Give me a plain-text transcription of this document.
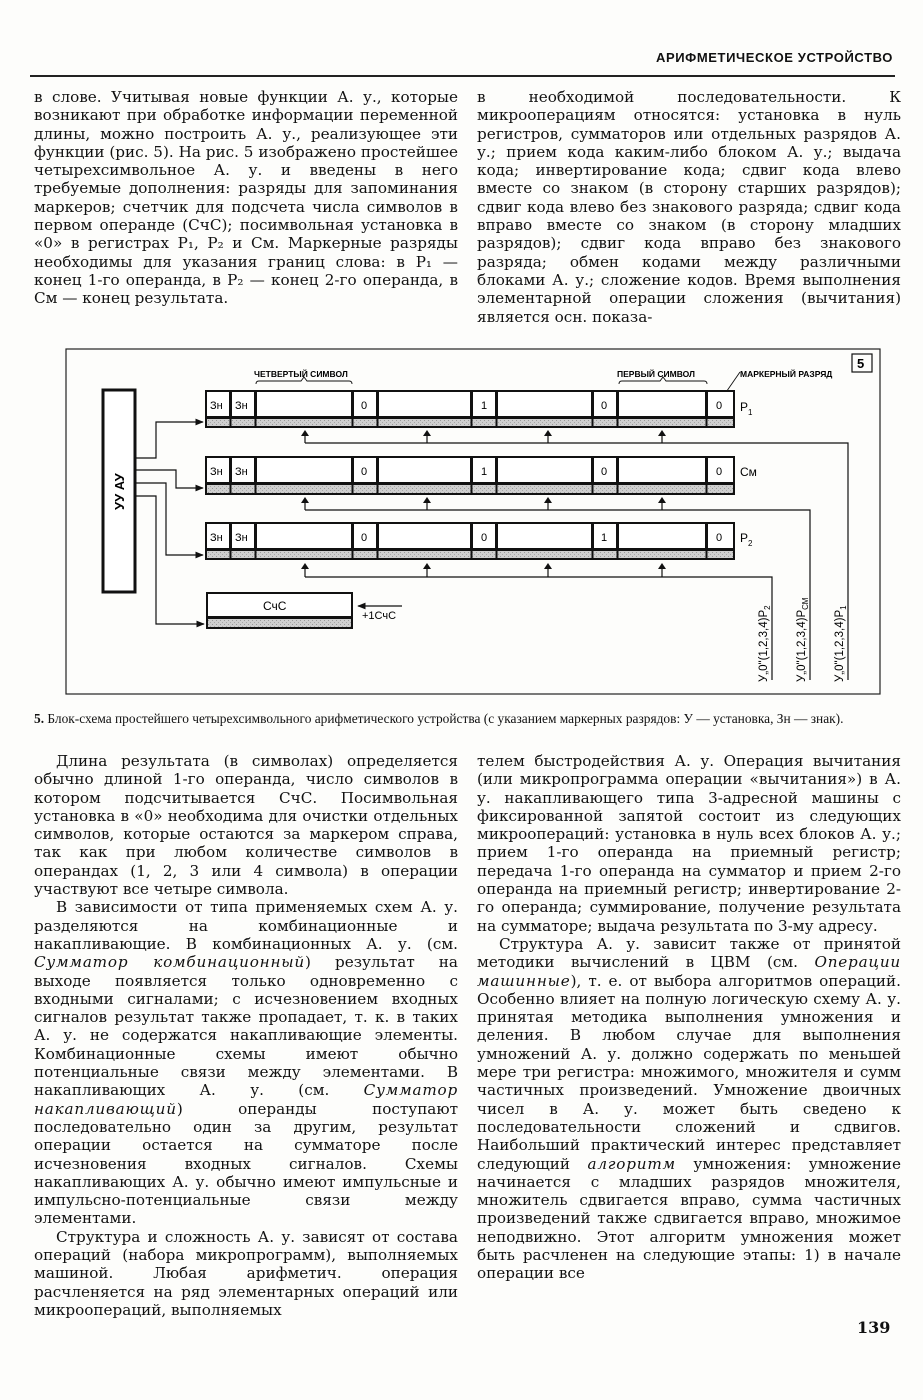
АРИФМЕТИЧЕСКОЕ УСТРОЙСТВО

в слове. Учитывая новые функции А. у., которые возникают при обработке информации переменной длины, можно построить А. у., реализующее эти функции (рис. 5). На рис. 5 изображено простейшее четырехсимвольное А. у. и введены в него требуемые дополнения: разряды для запоминания маркеров; счетчик для подсчета числа символов в первом операнде (СчС); посимвольная установка в «0» в регистрах Р₁, Р₂ и См. Маркерные разряды необходимы для указания границ слова: в Р₁ — конец 1-го операнда, в Р₂ — конец 2-го операнда, в См — конец результата.

в необходимой последовательности. К микрооперациям относятся: установка в нуль регистров, сумматоров или отдельных разрядов А. у.; прием кода каким-либо блоком А. у.; выдача кода; инвертирование кода; сдвиг кода влево вместе со знаком (в сторону старших разрядов); сдвиг кода влево без знакового разряда; сдвиг кода вправо вместе со знаком (в сторону младших разрядов); сдвиг кода вправо без знакового разряда; обмен кодами между различными блоками А. у.; сложение кодов. Время выполнения элементарной операции сложения (вычитания) является осн. показа-

5
ЧЕТВЕРТЫЙ СИМВОЛ	ПЕРВЫЙ СИМВОЛ	МАРКЕРНЫЙ РАЗРЯД
УУ АУ
Зн Зн	0	1	0	0 $P_1$
Зн Зн	0	1	0	0 См
Зн Зн	0	0	1	0 $P_2$
$У„0"(1,2,3,4)P_2$
$У„0"(1,2,3,4)P_{СМ}$
$У„0"(1,2,3,4)P_1$
СчС
+1СчС
5. Блок-схема простейшего четырехсимвольного арифметического устройства (с указанием маркерных разрядов: У — установка, Зн — знак).

Длина результата (в символах) определяется обычно длиной 1-го операнда, число символов в котором подсчитывается СчС. Посимвольная установка в «0» необходима для очистки отдельных символов, которые остаются за маркером справа, так как при любом количестве символов в операндах (1, 2, 3 или 4 символа) в операции участвуют все четыре символа.

В зависимости от типа применяемых схем А. у. разделяются на комбинационные и накапливающие. В комбинационных А. у. (см. Сумматор комбинационный) результат на выходе появляется только одновременно с входными сигналами; с исчезновением входных сигналов результат также пропадает, т. к. в таких А. у. не содержатся накапливающие элементы. Комбинационные схемы имеют обычно потенциальные связи между элементами. В накапливающих А. у. (см. Сумматор накапливающий) операнды поступают последовательно один за другим, результат операции остается на сумматоре после исчезновения входных сигналов. Схемы накапливающих А. у. обычно имеют импульсные и импульсно-потенциальные связи между элементами.

Структура и сложность А. у. зависят от состава операций (набора микропрограмм), выполняемых машиной. Любая арифметич. операция расчленяется на ряд элементарных операций или микроопераций, выполняемых

телем быстродействия А. у. Операция вычитания (или микропрограмма операции «вычитания») в А. у. накапливающего типа 3-адресной машины с фиксированной запятой состоит из следующих микроопераций: установка в нуль всех блоков А. у.; прием 1-го операнда на приемный регистр; передача 1-го операнда на сумматор и прием 2-го операнда на приемный регистр; инвертирование 2-го операнда; суммирование, получение результата на сумматоре; выдача результата по 3-му адресу.

Структура А. у. зависит также от принятой методики вычислений в ЦВМ (см. Операции машинные), т. е. от выбора алгоритмов операций. Особенно влияет на полную логическую схему А. у. принятая методика выполнения умножения и деления. В любом случае для выполнения умножений А. у. должно содержать по меньшей мере три регистра: множимого, множителя и сумм частичных произведений. Умножение двоичных чисел в А. у. может быть сведено к последовательности сложений и сдвигов. Наибольший практический интерес представляет следующий алгоритм умножения: умножение начинается с младших разрядов множителя, множитель сдвигается вправо, сумма частичных произведений также сдвигается вправо, множимое неподвижно. Этот алгоритм умножения может быть расчленен на следующие этапы: 1) в начале операции все

139
